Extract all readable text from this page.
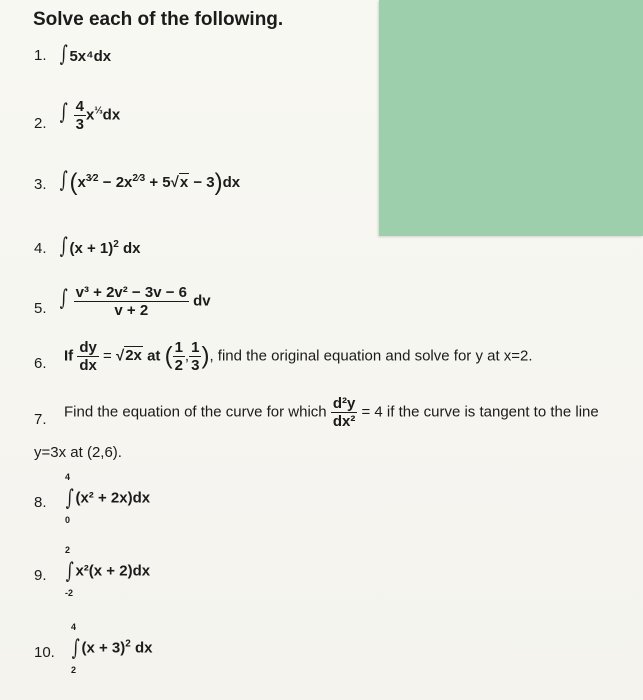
Solve each of the following.
1. ∫ 5x⁴dx
2. ∫ $\frac{4}{3} x^{\frac{1}{3}}dx$
3. $\int(x^{3⁄2} - 2x^{2⁄3} + 5√x - 3)dx$
4. ∫ $(x + 1)^2$ dx
5. ∫ $\frac{\text{v³ + 2v² − 3v − 6}}{v + 2}$ dv
6. If $\frac{dy}{dx} = √2x$ at ( $\frac{1}{2}$ , $\frac{1}{3}$ ), find the original equation and solve for y at x=2.
7. Find the equation of the curve for which $\frac{\text{d²y}}{\text{dx²}} = 4$ if the curve is tangent to the line
y=3x at (2,6).
8.
4
∫
0
(x² + 2x)dx
9.
2
∫
-2
x²(x + 2)dx
10.
4
∫
2
$(x + 3)^2$ dx
